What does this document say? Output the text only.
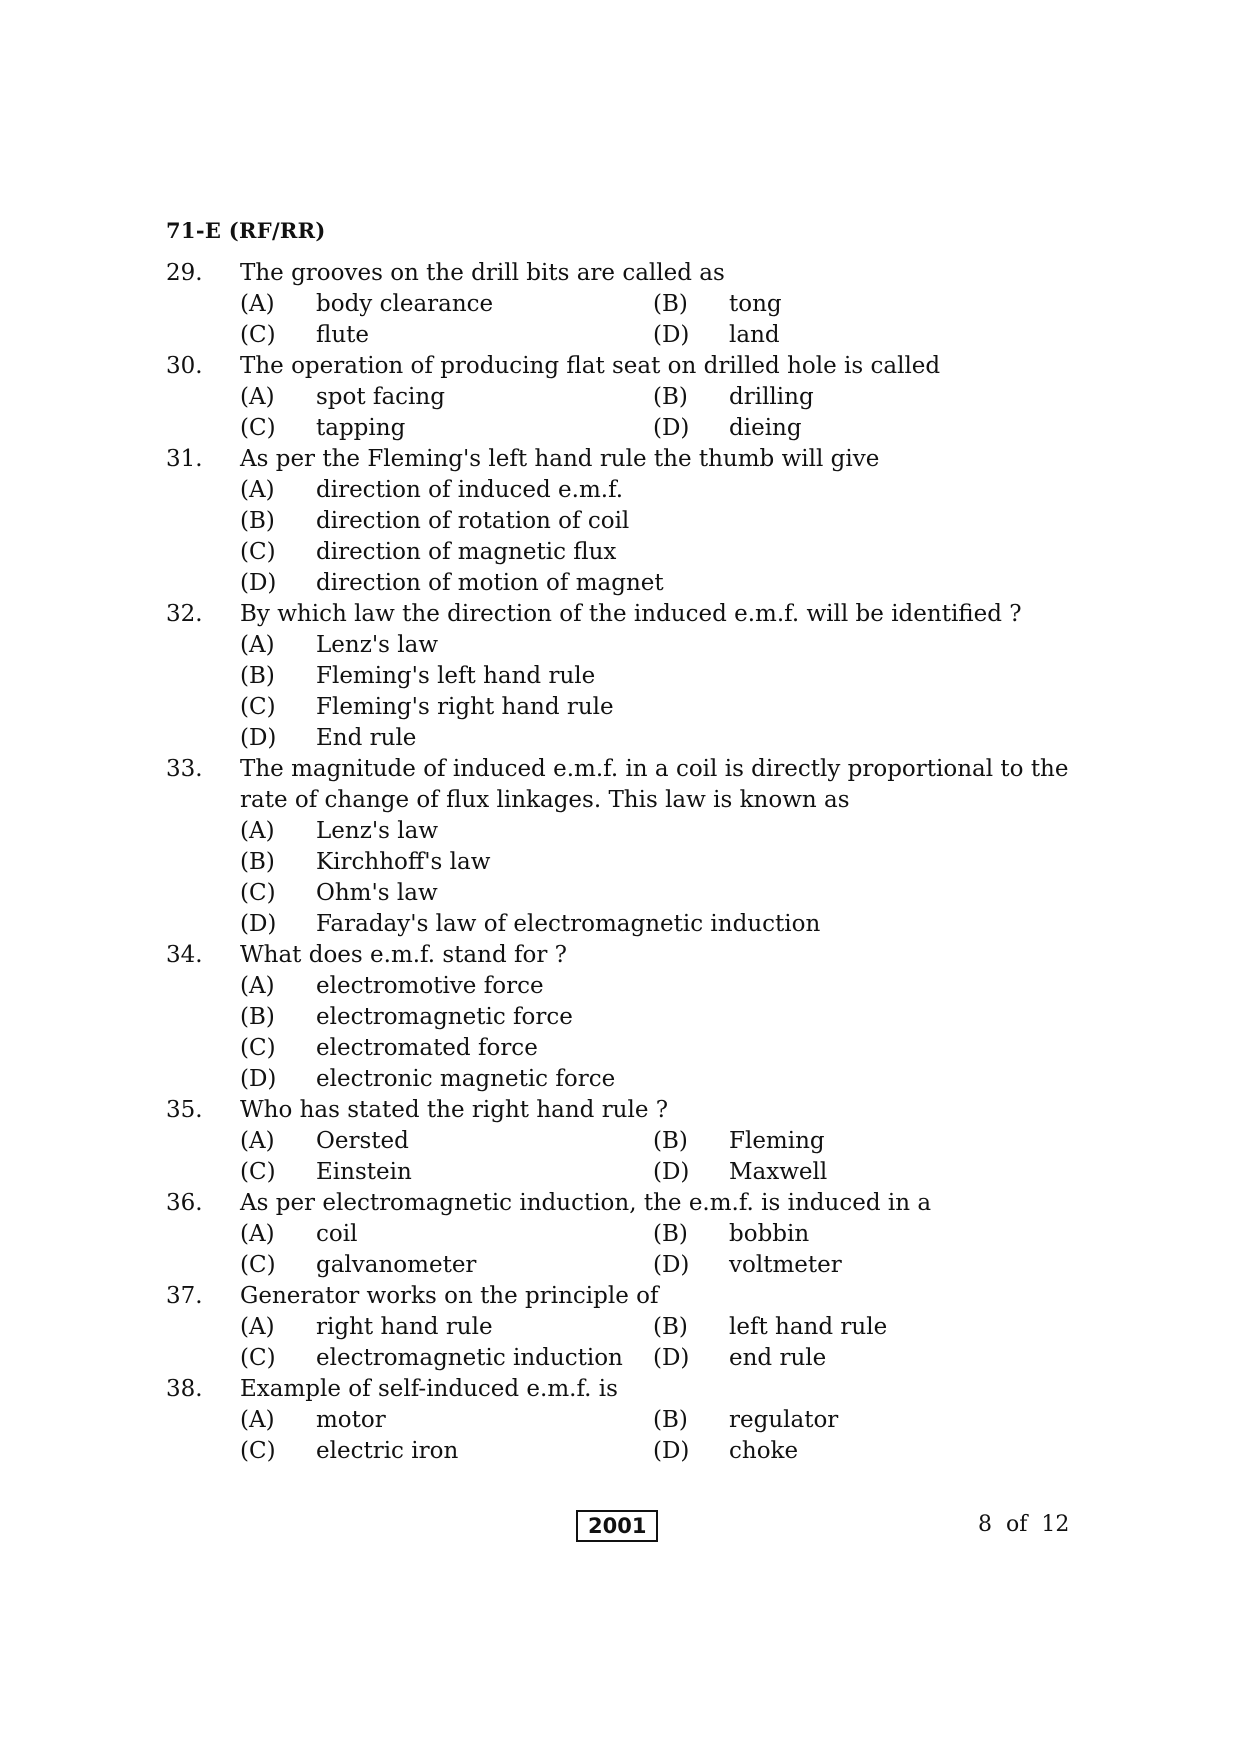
71-E (RF/RR)
29.	The grooves on the drill bits are called as
(A)	body clearance	(B)	tong
(C)	flute	(D)	land
30.	The operation of producing flat seat on drilled hole is called
(A)	spot facing	(B)	drilling
(C)	tapping	(D)	dieing
31.	As per the Fleming's left hand rule the thumb will give
(A)	direction of induced e.m.f.
(B)	direction of rotation of coil
(C)	direction of magnetic flux
(D)	direction of motion of magnet
32.	By which law the direction of the induced e.m.f. will be identified ?
(A)	Lenz's law
(B)	Fleming's left hand rule
(C)	Fleming's right hand rule
(D)	End rule
33.	The magnitude of induced e.m.f. in a coil is directly proportional to the rate of change of flux linkages. This law is known as
(A)	Lenz's law
(B)	Kirchhoff's law
(C)	Ohm's law
(D)	Faraday's law of electromagnetic induction
34.	What does e.m.f. stand for ?
(A)	electromotive force
(B)	electromagnetic force
(C)	electromated force
(D)	electronic magnetic force
35.	Who has stated the right hand rule ?
(A)	Oersted	(B)	Fleming
(C)	Einstein	(D)	Maxwell
36.	As per electromagnetic induction, the e.m.f. is induced in a
(A)	coil	(B)	bobbin
(C)	galvanometer	(D)	voltmeter
37.	Generator works on the principle of
(A)	right hand rule	(B)	left hand rule
(C)	electromagnetic induction (D)	end rule
38.	Example of self-induced e.m.f. is
(A)	motor	(B)	regulator
(C)	electric iron	(D)	choke
2001	8 of 12
